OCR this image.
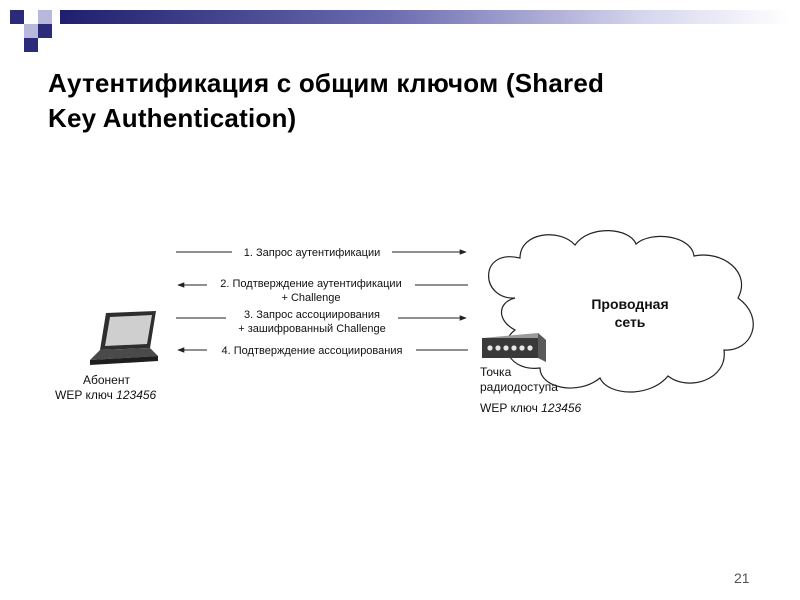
Аутентификация с общим ключом (Shared
Key Authentication)
Проводная
сеть
Абонент
WEP ключ 123456
Точка
радиодоступа
WEP ключ 123456
1. Запрос аутентификации
2. Подтверждение аутентификации
+ Challenge
3. Запрос ассоциирования
+ зашифрованный Challenge
4. Подтверждение ассоциирования
21
